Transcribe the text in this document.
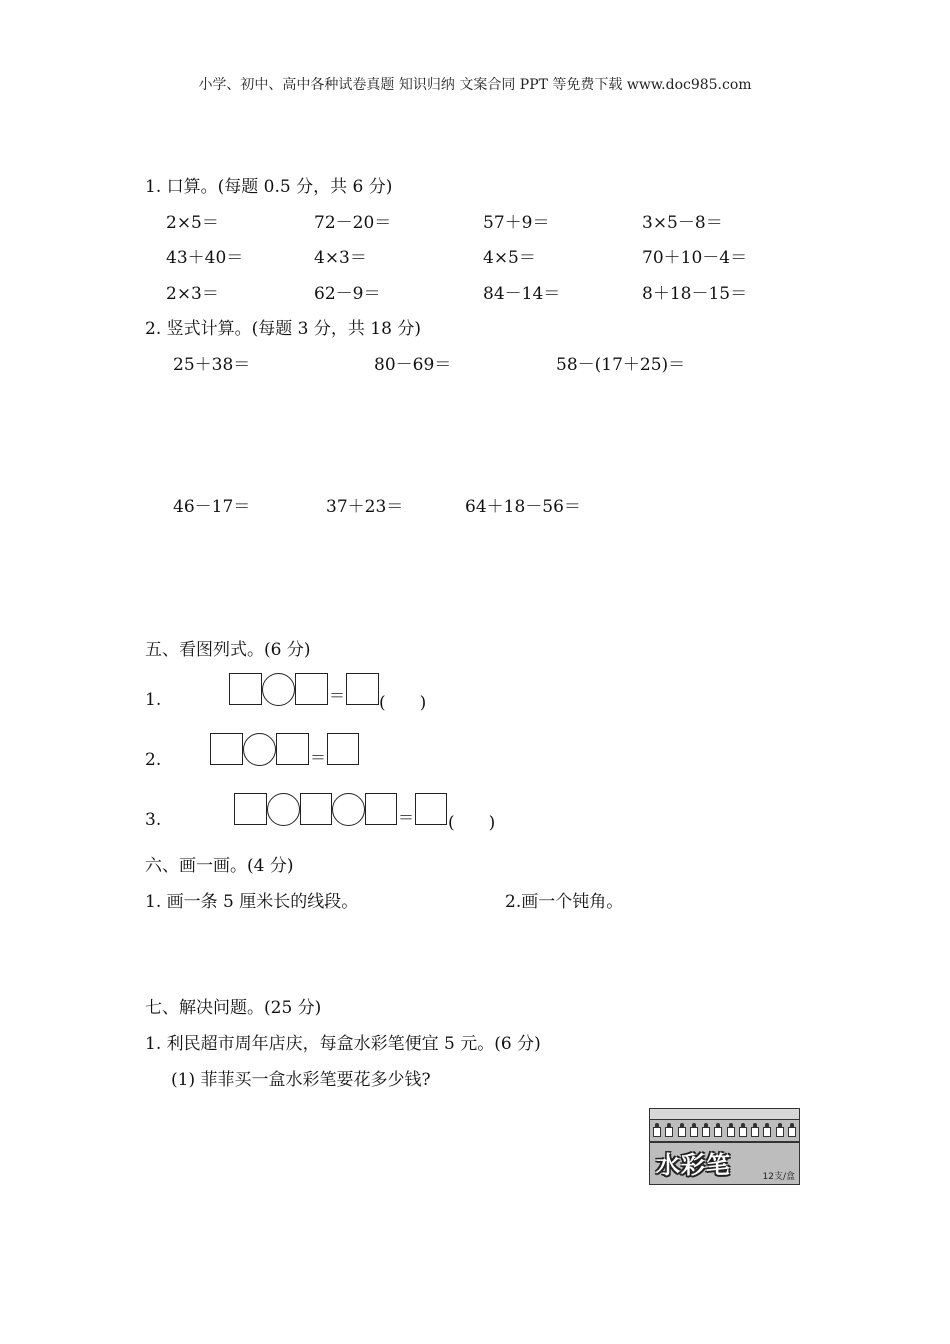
小学、初中、高中各种试卷真题 知识归纳 文案合同 PPT 等免费下载 www.doc985.com
1. 口算。(每题 0.5 分，共 6 分)
2×5＝	72－20＝	57＋9＝	3×5－8＝
43＋40＝	4×3＝	4×5＝	70＋10－4＝
2×3＝	62－9＝	84－14＝	8＋18－15＝
2. 竖式计算。(每题 3 分，共 18 分)
25＋38＝	80－69＝	58－(17＋25)＝
46－17＝	37＋23＝	64＋18－56＝
五、看图列式。(6 分)
1.	＝ (　　)
2.	＝
3.	＝ (　　)
六、画一画。(4 分)
1. 画一条 5 厘米长的线段。	2.画一个钝角。
七、解决问题。(25 分)
1. 利民超市周年店庆，每盒水彩笔便宜 5 元。(6 分)
(1) 菲菲买一盒水彩笔要花多少钱?
水彩笔	12支/盒
